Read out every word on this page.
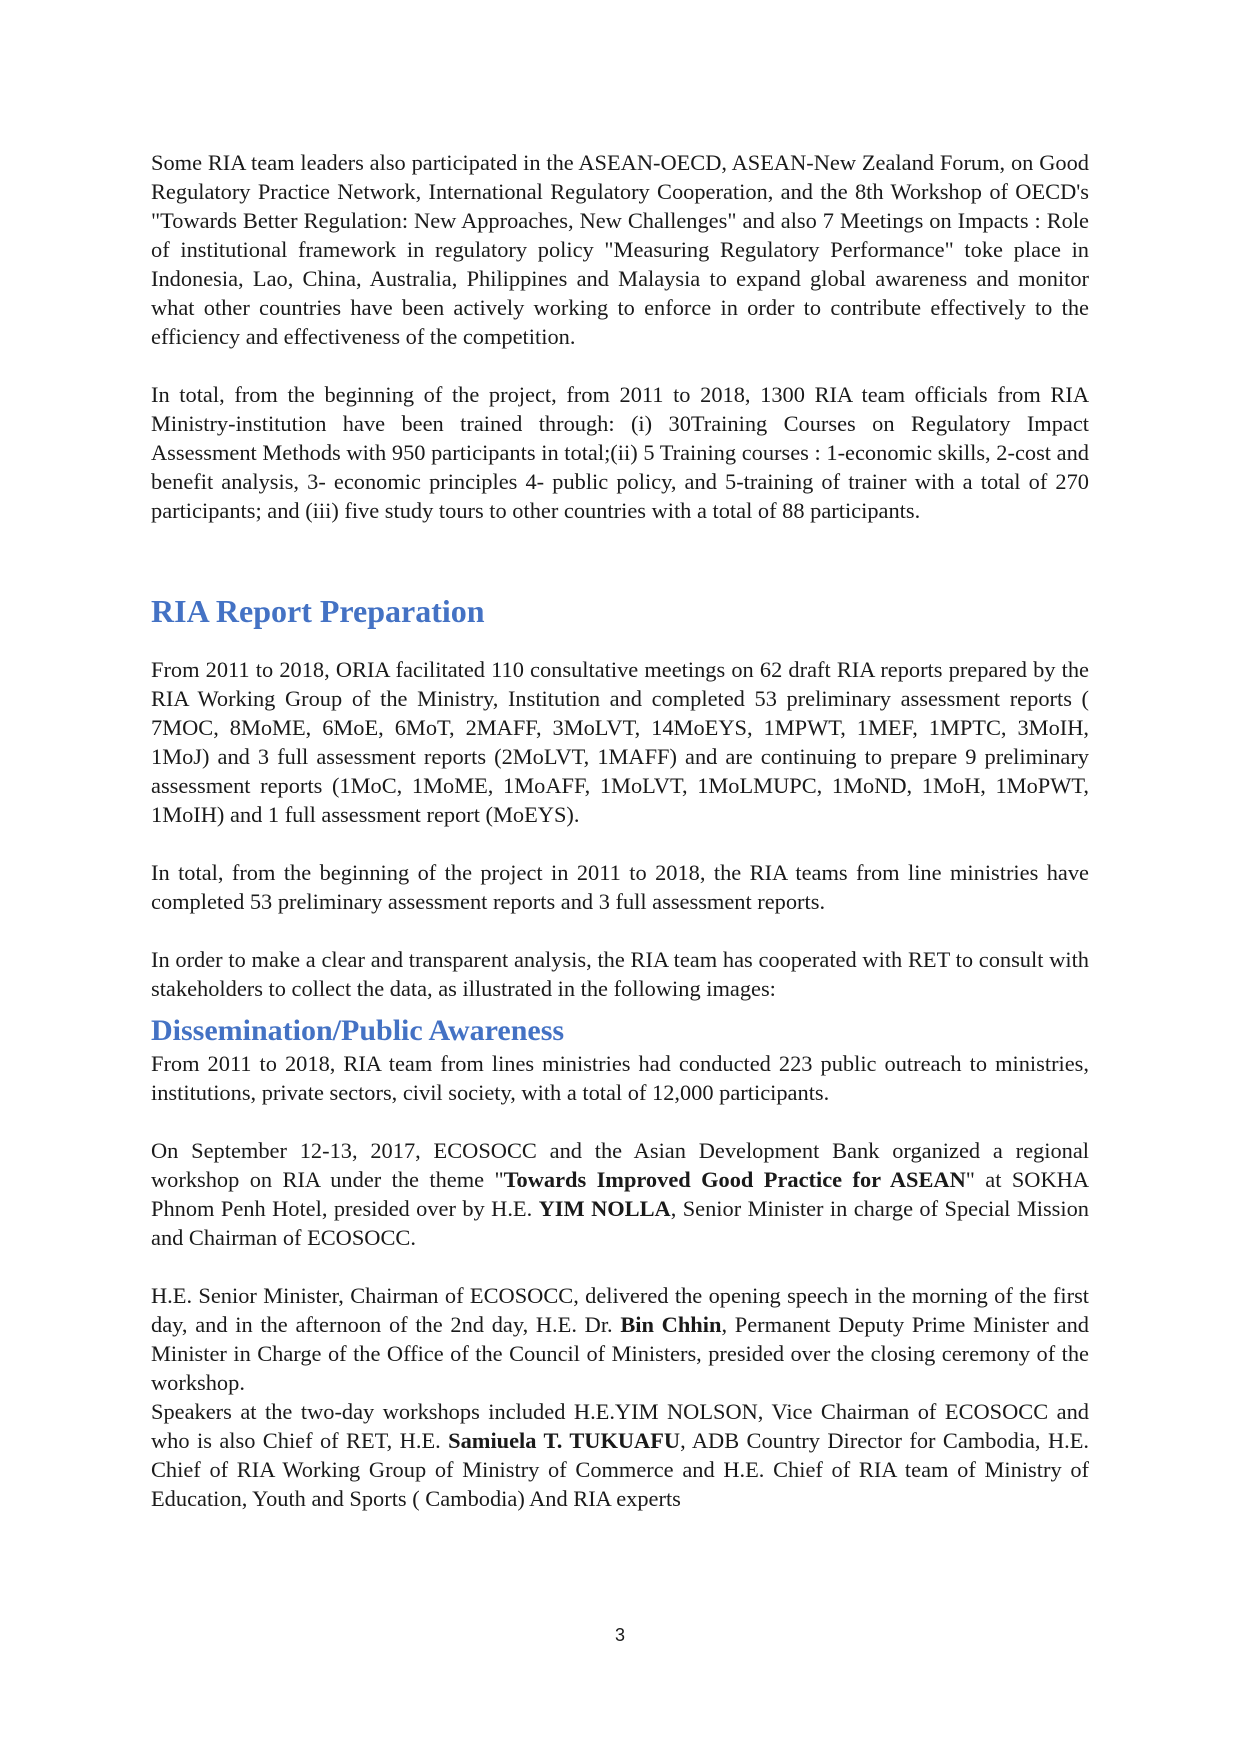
Some RIA team leaders also participated in the ASEAN-OECD, ASEAN-New Zealand Forum, on Good Regulatory Practice Network, International Regulatory Cooperation, and the 8th Workshop of OECD's "Towards Better Regulation: New Approaches, New Challenges" and also 7 Meetings on Impacts : Role of institutional framework in regulatory policy "Measuring Regulatory Performance" toke place in Indonesia, Lao, China, Australia, Philippines and Malaysia to expand global awareness and monitor what other countries have been actively working to enforce in order to contribute effectively to the efficiency and effectiveness of the competition.

In total, from the beginning of the project, from 2011 to 2018, 1300 RIA team officials from RIA Ministry-institution have been trained through: (i) 30Training Courses on Regulatory Impact Assessment Methods with 950 participants in total;(ii) 5 Training courses : 1-economic skills, 2-cost and benefit analysis, 3- economic principles 4- public policy, and 5-training of trainer with a total of 270 participants; and (iii) five study tours to other countries with a total of 88 participants.

RIA Report Preparation

From 2011 to 2018, ORIA facilitated 110 consultative meetings on 62 draft RIA reports prepared by the RIA Working Group of the Ministry, Institution and completed 53 preliminary assessment reports ( 7MOC, 8MoME, 6MoE, 6MoT, 2MAFF, 3MoLVT, 14MoEYS, 1MPWT, 1MEF, 1MPTC, 3MoIH, 1MoJ) and 3 full assessment reports (2MoLVT, 1MAFF) and are continuing to prepare 9 preliminary assessment reports (1MoC, 1MoME, 1MoAFF, 1MoLVT, 1MoLMUPC, 1MoND, 1MoH, 1MoPWT, 1MoIH) and 1 full assessment report (MoEYS).

In total, from the beginning of the project in 2011 to 2018, the RIA teams from line ministries have completed 53 preliminary assessment reports and 3 full assessment reports.

In order to make a clear and transparent analysis, the RIA team has cooperated with RET to consult with stakeholders to collect the data, as illustrated in the following images:

Dissemination/Public Awareness

From 2011 to 2018, RIA team from lines ministries had conducted 223 public outreach to ministries, institutions, private sectors, civil society, with a total of 12,000 participants.

On September 12-13, 2017, ECOSOCC and the Asian Development Bank organized a regional workshop on RIA under the theme "Towards Improved Good Practice for ASEAN" at SOKHA Phnom Penh Hotel, presided over by H.E. YIM NOLLA, Senior Minister in charge of Special Mission and Chairman of ECOSOCC.

H.E. Senior Minister, Chairman of ECOSOCC, delivered the opening speech in the morning of the first day, and in the afternoon of the 2nd day, H.E. Dr. Bin Chhin, Permanent Deputy Prime Minister and Minister in Charge of the Office of the Council of Ministers, presided over the closing ceremony of the workshop.

Speakers at the two-day workshops included H.E.YIM NOLSON, Vice Chairman of ECOSOCC and who is also Chief of RET, H.E. Samiuela T. TUKUAFU, ADB Country Director for Cambodia, H.E. Chief of RIA Working Group of Ministry of Commerce and H.E. Chief of RIA team of Ministry of Education, Youth and Sports ( Cambodia) And RIA experts

3
